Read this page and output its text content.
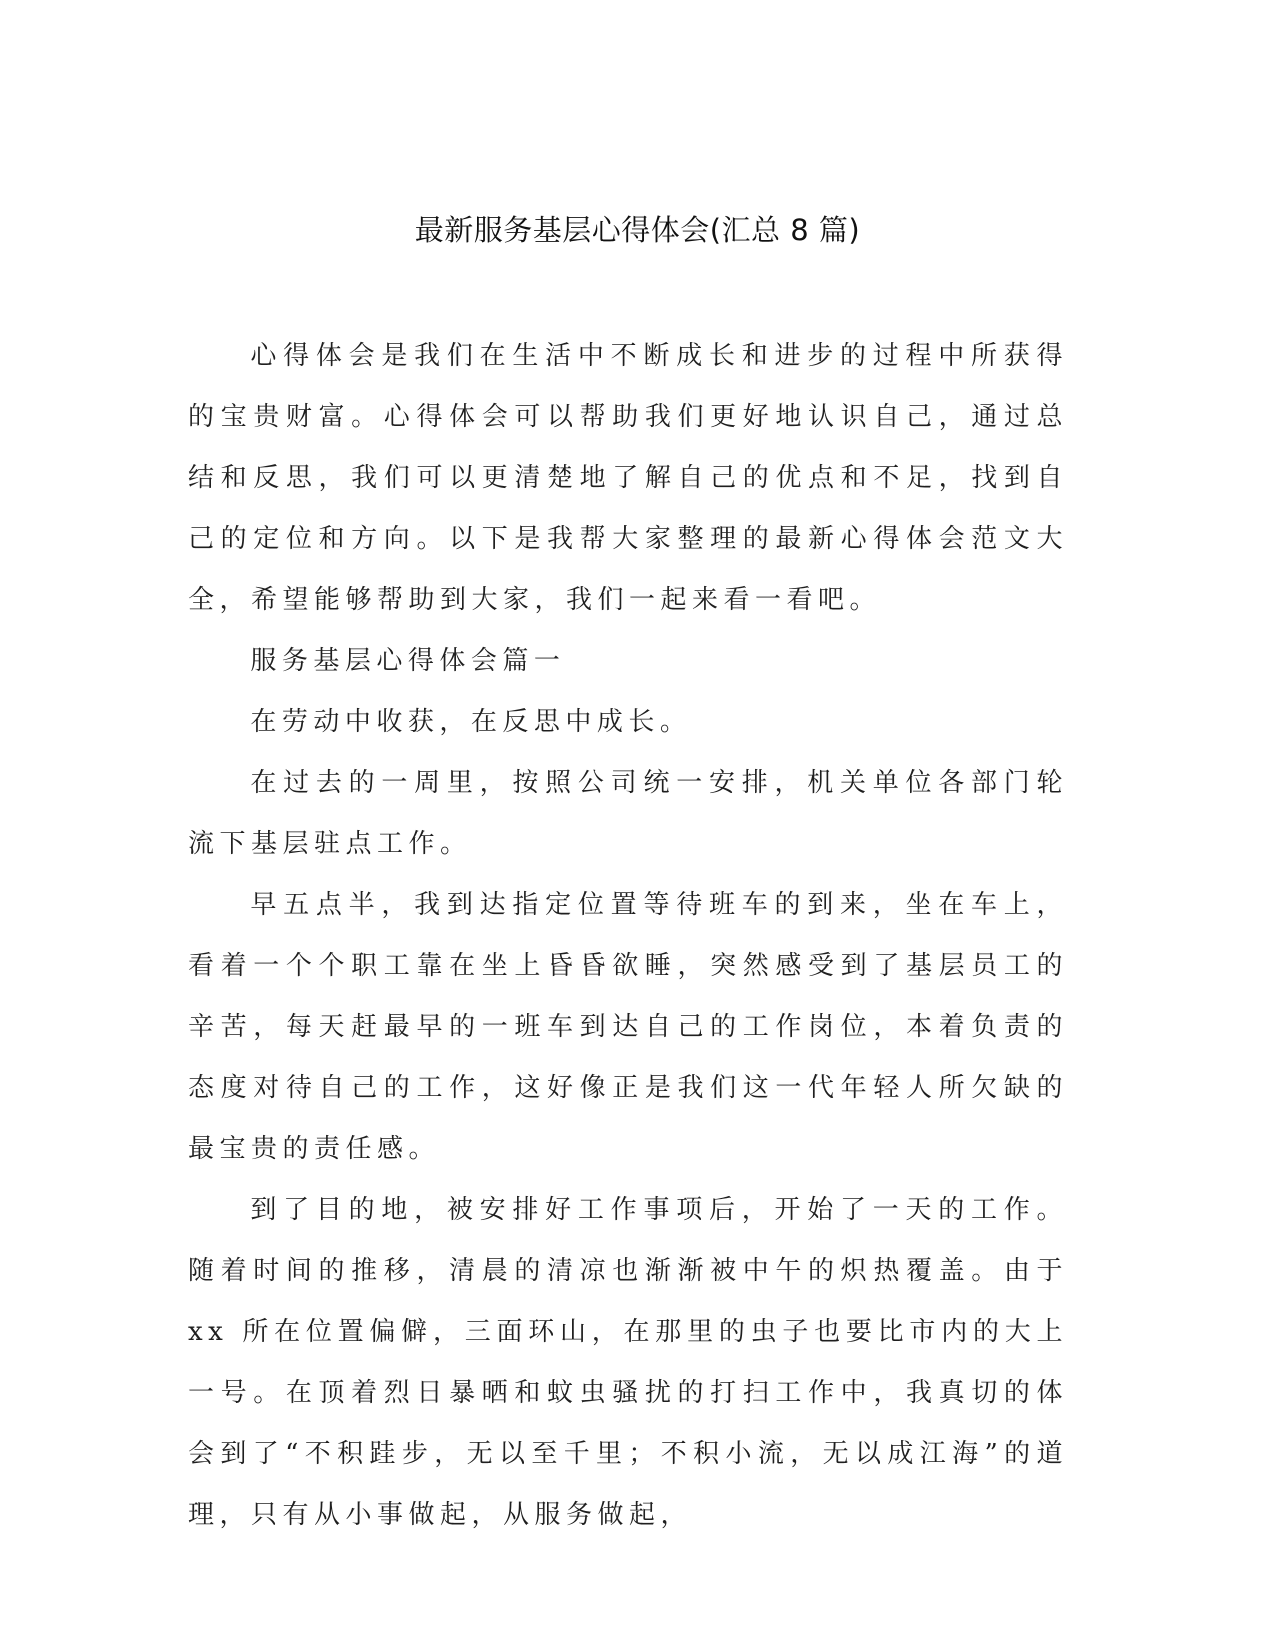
最新服务基层心得体会(汇总 8 篇)

心得体会是我们在生活中不断成长和进步的过程中所获得的宝贵财富。心得体会可以帮助我们更好地认识自己，通过总结和反思，我们可以更清楚地了解自己的优点和不足，找到自己的定位和方向。以下是我帮大家整理的最新心得体会范文大全，希望能够帮助到大家，我们一起来看一看吧。

服务基层心得体会篇一

在劳动中收获，在反思中成长。

在过去的一周里，按照公司统一安排，机关单位各部门轮流下基层驻点工作。

早五点半，我到达指定位置等待班车的到来，坐在车上，看着一个个职工靠在坐上昏昏欲睡，突然感受到了基层员工的辛苦，每天赶最早的一班车到达自己的工作岗位，本着负责的态度对待自己的工作，这好像正是我们这一代年轻人所欠缺的最宝贵的责任感。

到了目的地，被安排好工作事项后，开始了一天的工作。随着时间的推移，清晨的清凉也渐渐被中午的炽热覆盖。由于 xx 所在位置偏僻，三面环山，在那里的虫子也要比市内的大上一号。在顶着烈日暴晒和蚊虫骚扰的打扫工作中，我真切的体会到了“不积跬步，无以至千里；不积小流，无以成江海”的道理，只有从小事做起，从服务做起，
